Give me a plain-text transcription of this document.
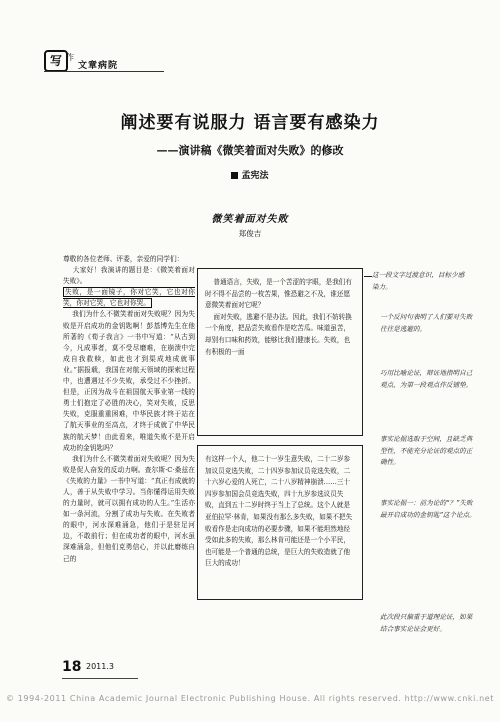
写 作
文章病院
阐述要有说服力 语言要有感染力
——演讲稿《微笑着面对失败》的修改
孟宪法
微笑着面对失败
郑俊吉

尊敬的各位老师、评委，亲爱的同学们：

大家好！我演讲的题目是：《微笑着面对失败》。

失败，是一面镜子，你对它笑，它也对你笑，你对它哭，它也对你哭。

我们为什么不微笑着面对失败呢？因为失败是开启成功的金钥匙啊！彭基博先生在他所著的《荀子我言》一书中写道：“从古到今，凡成事者，莫不受尽磨难，在崩溃中完成自我救赎，如此也才到渠成地成就事业。”据报载，我国在对航天领域的探索过程中，也遭遇过不少失败，承受过不少挫折。但是，正因为战斗在祖国航天事业第一线的勇士们抱定了必胜的决心，笑对失败，反思失败，克服重重困难，中华民族才终于站在了航天事业的至高点，才终于成就了中华民族的航天梦！由此看来，唯道失败不是开启成功的金钥匙吗？

我们为什么不微笑着面对失败呢？因为失败是促人奋发的反动力啊。查尔斯·C·桑兹在《失败的力量》一书中写道：“真正有成就的人，善于从失败中学习。当你懂得运用失败的力量时，就可以拥有成功的人生。”生活亦如一条河流，分割了成功与失败。在失败者的眼中，河水深难涌急，他们于是驻足河边，不敢前行；但在成功者的眼中，河水虽深难涌急，但他们克勇信心，并以此磨练自己的

普通语言，失败，是一个苦涩的字眼，是我们有时不得不品尝的一枚苦果，惟恐避之不及，谁还愿意微笑着面对它呢？

面对失败，逃避不是办法。因此，我们不妨转换一个角度，把品尝失败看作是吃苦瓜。味道虽苦，却别有口味和药效，能够比我们健康长。失败，也有积极的一面

有这样一个人，他二十一岁生意失败，二十二岁参加议员竞选失败，二十四岁参加议员竞选失败，二十六岁心爱的人死亡，二十八岁精神崩溃……三十四岁参加国会员竞选失败，四十九岁参选议员失败，直到五十二岁时终于当上了总统。这个人就是亚伯拉罕·林肯，如果没有那么多失败，如果不把失败看作是走向成功的必要步骤，如果不能坦然地经受如此多的失败，那么林肯可能还是一个小平民，也可能是一个普通的总统，是巨大的失败造就了他巨大的成功！

这一段文字过渡意识，目标少感染力。
一个反问句表明了人们要对失败往往是逃避的。
巧用比喻论证，辩证地指明自己观点，为第一段观点作反铺垫。
事实论据选取于空间，且缺乏典型性，不能充分论证的观点的正确性。
事实论据一：前为论的“？”失败最开启成功的金钥匙”这个论点。
此次段只偏重于道理论证，如果结合事实论证会更好。
18 2011.3
© 1994-2011 China Academic Journal Electronic Publishing House. All rights reserved. http://www.cnki.net
